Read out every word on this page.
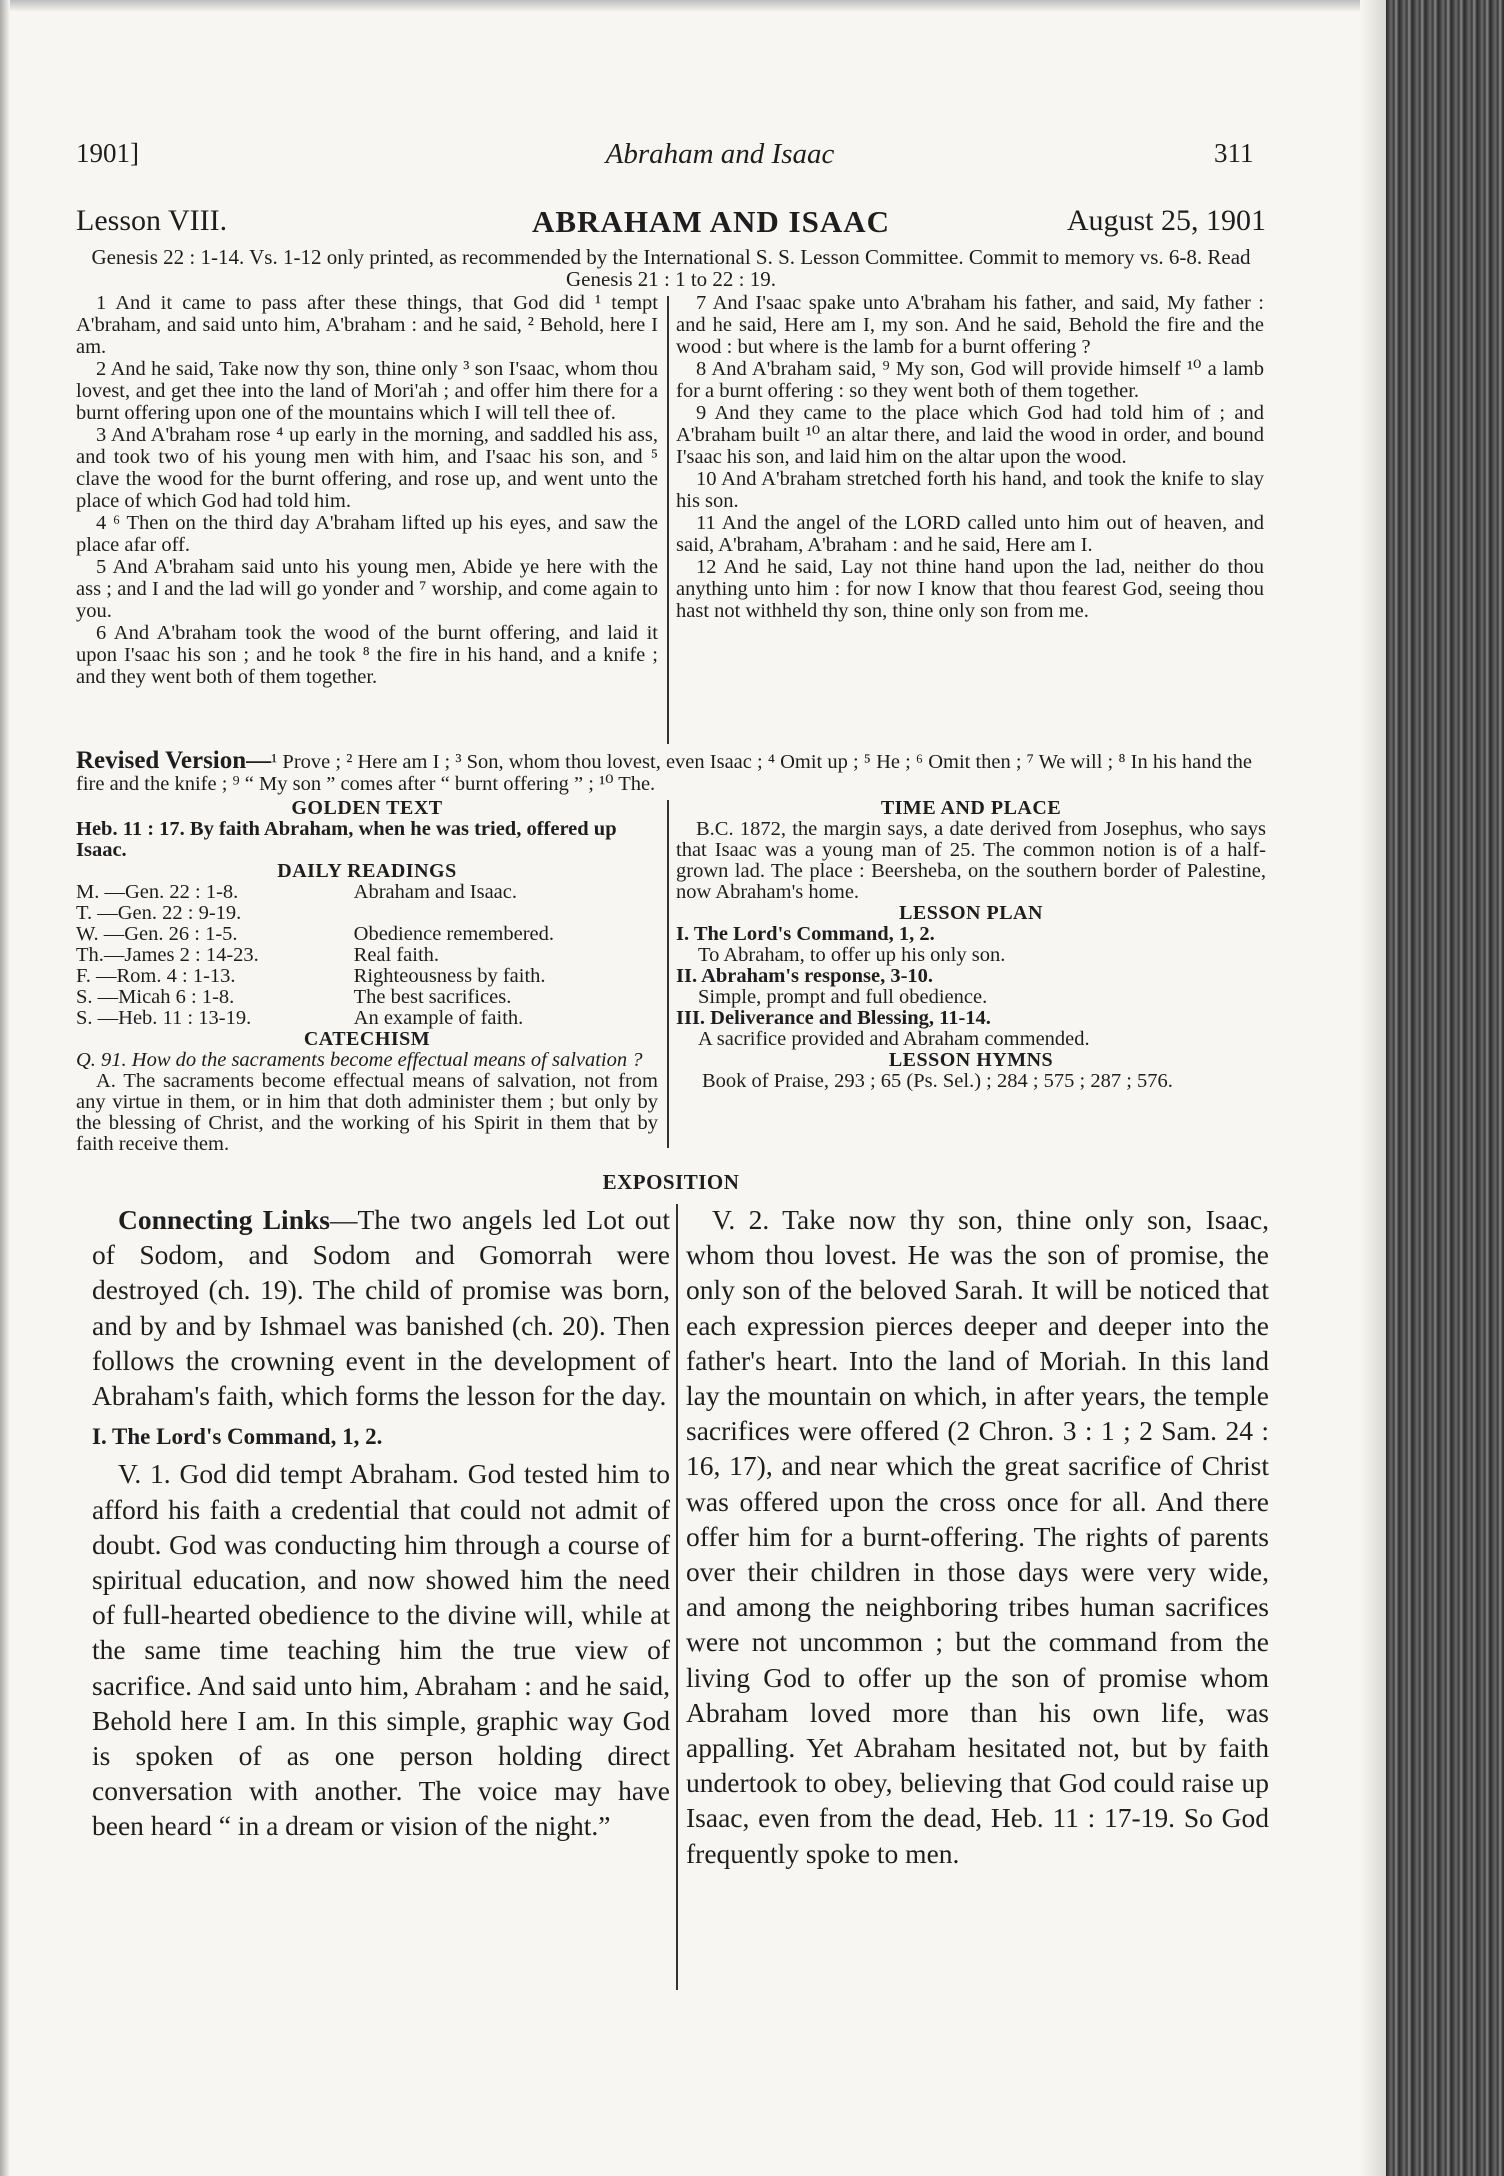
1901]	Abraham and Isaac	311
Lesson VIII.	ABRAHAM AND ISAAC	August 25, 1901
Genesis 22 : 1-14. Vs. 1-12 only printed, as recommended by the International S. S. Lesson Committee. Commit to memory vs. 6-8. Read Genesis 21 : 1 to 22 : 19.

1 And it came to pass after these things, that God did ¹ tempt A'braham, and said unto him, A'braham : and he said, ² Behold, here I am.

2 And he said, Take now thy son, thine only ³ son I'saac, whom thou lovest, and get thee into the land of Mori'ah ; and offer him there for a burnt offering upon one of the mountains which I will tell thee of.

3 And A'braham rose ⁴ up early in the morning, and saddled his ass, and took two of his young men with him, and I'saac his son, and ⁵ clave the wood for the burnt offering, and rose up, and went unto the place of which God had told him.

4 ⁶ Then on the third day A'braham lifted up his eyes, and saw the place afar off.

5 And A'braham said unto his young men, Abide ye here with the ass ; and I and the lad will go yonder and ⁷ worship, and come again to you.

6 And A'braham took the wood of the burnt offering, and laid it upon I'saac his son ; and he took ⁸ the fire in his hand, and a knife ; and they went both of them together.

7 And I'saac spake unto A'braham his father, and said, My father : and he said, Here am I, my son. And he said, Behold the fire and the wood : but where is the lamb for a burnt offering ?

8 And A'braham said, ⁹ My son, God will provide himself ¹⁰ a lamb for a burnt offering : so they went both of them together.

9 And they came to the place which God had told him of ; and A'braham built ¹⁰ an altar there, and laid the wood in order, and bound I'saac his son, and laid him on the altar upon the wood.

10 And A'braham stretched forth his hand, and took the knife to slay his son.

11 And the angel of the LORD called unto him out of heaven, and said, A'braham, A'braham : and he said, Here am I.

12 And he said, Lay not thine hand upon the lad, neither do thou anything unto him : for now I know that thou fearest God, seeing thou hast not withheld thy son, thine only son from me.

Revised Version—¹ Prove ; ² Here am I ; ³ Son, whom thou lovest, even Isaac ; ⁴ Omit up ; ⁵ He ; ⁶ Omit then ; ⁷ We will ; ⁸ In his hand the fire and the knife ; ⁹ “ My son ” comes after “ burnt offering ” ; ¹⁰ The.
GOLDEN TEXT
Heb. 11 : 17. By faith Abraham, when he was tried, offered up Isaac.
DAILY READINGS
M. —Gen. 22 : 1-8.	Abraham and Isaac.
T. —Gen. 22 : 9-19.	
W. —Gen. 26 : 1-5.	Obedience remembered.
Th.—James 2 : 14-23.	Real faith.
F. —Rom. 4 : 1-13.	Righteousness by faith.
S. —Micah 6 : 1-8.	The best sacrifices.
S. —Heb. 11 : 13-19.	An example of faith.
CATECHISM
Q. 91. How do the sacraments become effectual means of salvation ?
A. The sacraments become effectual means of salvation, not from any virtue in them, or in him that doth administer them ; but only by the blessing of Christ, and the working of his Spirit in them that by faith receive them.
TIME AND PLACE
B.C. 1872, the margin says, a date derived from Josephus, who says that Isaac was a young man of 25. The common notion is of a half-grown lad. The place : Beersheba, on the southern border of Palestine, now Abraham's home.
LESSON PLAN
I. The Lord's Command, 1, 2.
To Abraham, to offer up his only son.
II. Abraham's response, 3-10.
Simple, prompt and full obedience.
III. Deliverance and Blessing, 11-14.
A sacrifice provided and Abraham commended.
LESSON HYMNS
Book of Praise, 293 ; 65 (Ps. Sel.) ; 284 ; 575 ; 287 ; 576.
EXPOSITION

Connecting Links—The two angels led Lot out of Sodom, and Sodom and Gomorrah were destroyed (ch. 19). The child of promise was born, and by and by Ishmael was banished (ch. 20). Then follows the crowning event in the development of Abraham's faith, which forms the lesson for the day.

I. The Lord's Command, 1, 2.

V. 1. God did tempt Abraham. God tested him to afford his faith a credential that could not admit of doubt. God was conducting him through a course of spiritual education, and now showed him the need of full-hearted obedience to the divine will, while at the same time teaching him the true view of sacrifice. And said unto him, Abraham : and he said, Behold here I am. In this simple, graphic way God is spoken of as one person holding direct conversation with another. The voice may have been heard “ in a dream or vision of the night.”

V. 2. Take now thy son, thine only son, Isaac, whom thou lovest. He was the son of promise, the only son of the beloved Sarah. It will be noticed that each expression pierces deeper and deeper into the father's heart. Into the land of Moriah. In this land lay the mountain on which, in after years, the temple sacrifices were offered (2 Chron. 3 : 1 ; 2 Sam. 24 : 16, 17), and near which the great sacrifice of Christ was offered upon the cross once for all. And there offer him for a burnt-offering. The rights of parents over their children in those days were very wide, and among the neighboring tribes human sacrifices were not uncommon ; but the command from the living God to offer up the son of promise whom Abraham loved more than his own life, was appalling. Yet Abraham hesitated not, but by faith undertook to obey, believing that God could raise up Isaac, even from the dead, Heb. 11 : 17-19. So God frequently spoke to men.
